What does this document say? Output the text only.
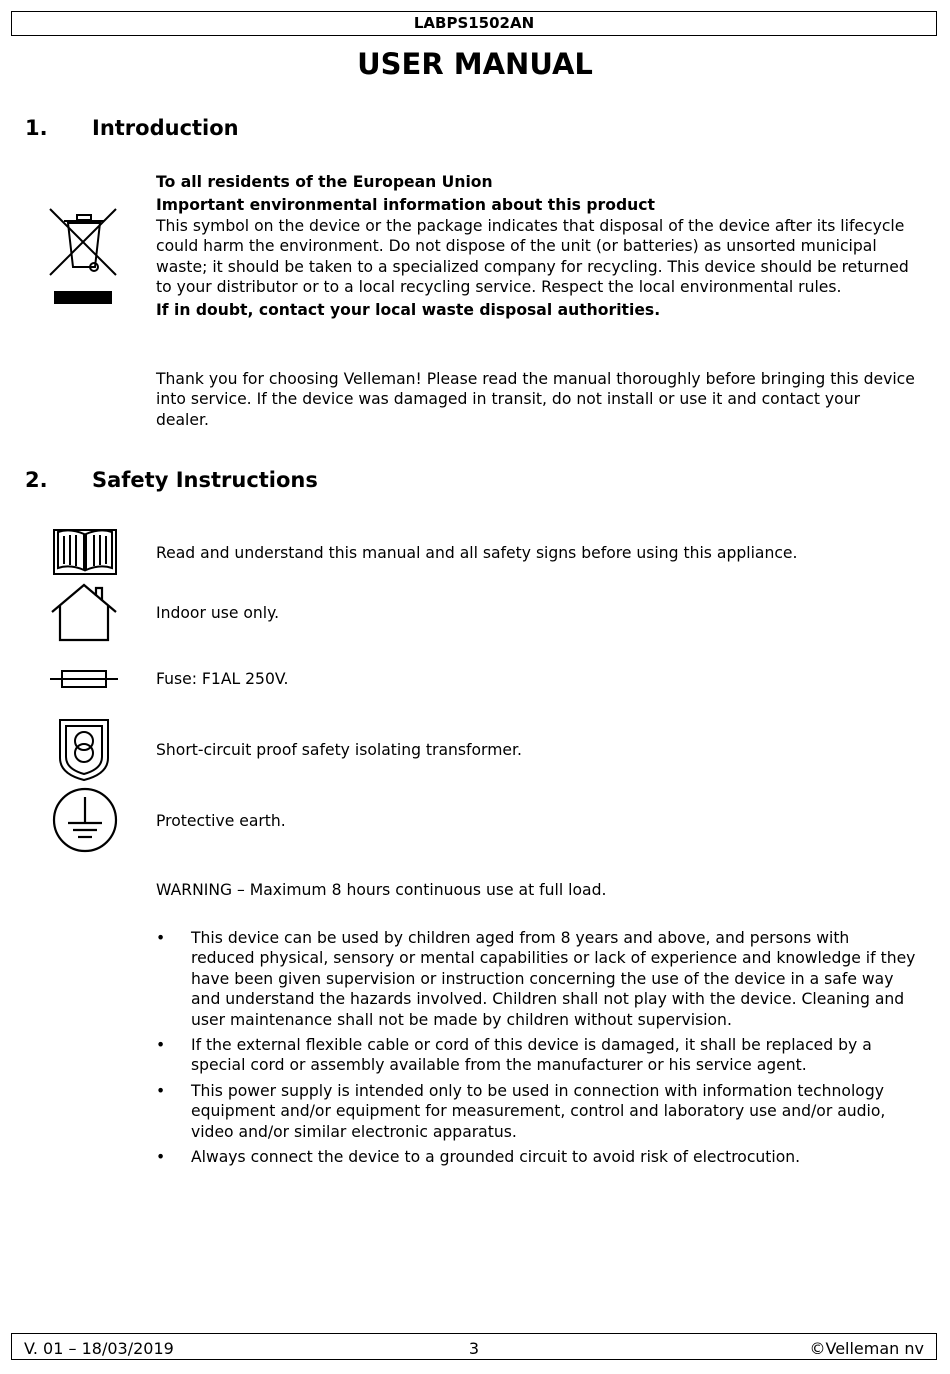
LABPS1502AN
USER MANUAL
1. Introduction
To all residents of the European Union
Important environmental information about this product
This symbol on the device or the package indicates that disposal of the device after its lifecycle could harm the environment. Do not dispose of the unit (or batteries) as unsorted municipal waste; it should be taken to a specialized company for recycling. This device should be returned to your distributor or to a local recycling service. Respect the local environmental rules.
If in doubt, contact your local waste disposal authorities.
Thank you for choosing Velleman! Please read the manual thoroughly before bringing this device into service. If the device was damaged in transit, do not install or use it and contact your dealer.
2. Safety Instructions
Read and understand this manual and all safety signs before using this appliance.
Indoor use only.
Fuse: F1AL 250V.
Short-circuit proof safety isolating transformer.
Protective earth.
WARNING – Maximum 8 hours continuous use at full load.
• This device can be used by children aged from 8 years and above, and persons with reduced physical, sensory or mental capabilities or lack of experience and knowledge if they have been given supervision or instruction concerning the use of the device in a safe way and understand the hazards involved. Children shall not play with the device. Cleaning and user maintenance shall not be made by children without supervision.
• If the external flexible cable or cord of this device is damaged, it shall be replaced by a special cord or assembly available from the manufacturer or his service agent.
• This power supply is intended only to be used in connection with information technology equipment and/or equipment for measurement, control and laboratory use and/or audio, video and/or similar electronic apparatus.
• Always connect the device to a grounded circuit to avoid risk of electrocution.
V. 01 – 18/03/2019	3	©Velleman nv
